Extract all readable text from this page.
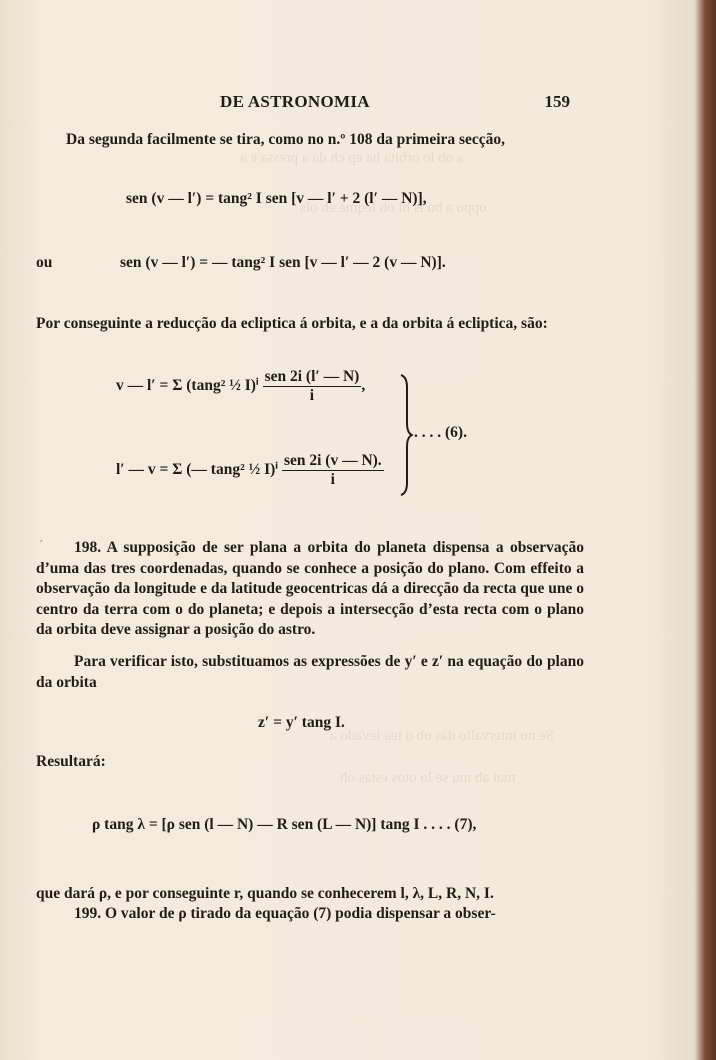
a ob lo orbita ha ep ch da a pressa e a
oppo a bu ls bl ob leqme eb ols
Se no intervallo das ob o tea levado a
mai ab mu se lo otos estas oh
DE ASTRONOMIA	159
Da segunda facilmente se tira, como no n.º 108 da primeira secção,
sen (v — l′) = tang² I sen [v — l′ + 2 (l′ — N)],
ou	sen (v — l′) = — tang² I sen [v — l′ — 2 (v — N)].
Por conseguinte a reducção da ecliptica á orbita, e a da orbita á ecliptica, são:
v — l′ = Σ (tang² ½ $I)^i \frac{\text{sen 2i (l′ — N)}}{i}$ ,
l′ — v = Σ (— tang² ½ $I)^i \frac{\text{sen 2i (v — N).}}{i}$
. . . . (6).
′	198. A supposição de ser plana a orbita do planeta dispensa a observação d’uma das tres coordenadas, quando se conhece a posição do plano. Com effeito a observação da longitude e da latitude geocentricas dá a direcção da recta que une o centro da terra com o do planeta; e depois a intersecção d’esta recta com o plano da orbita deve assignar a posição do astro.
Para verificar isto, substituamos as expressões de y′ e z′ na equação do plano da orbita
z′ = y′ tang I.
Resultará:
ρ tang λ = [ρ sen (l — N) — R sen (L — N)] tang I . . . . (7),
que dará ρ, e por conseguinte r, quando se conhecerem l, λ, L, R, N, I.
199. O valor de ρ tirado da equação (7) podia dispensar a obser-
